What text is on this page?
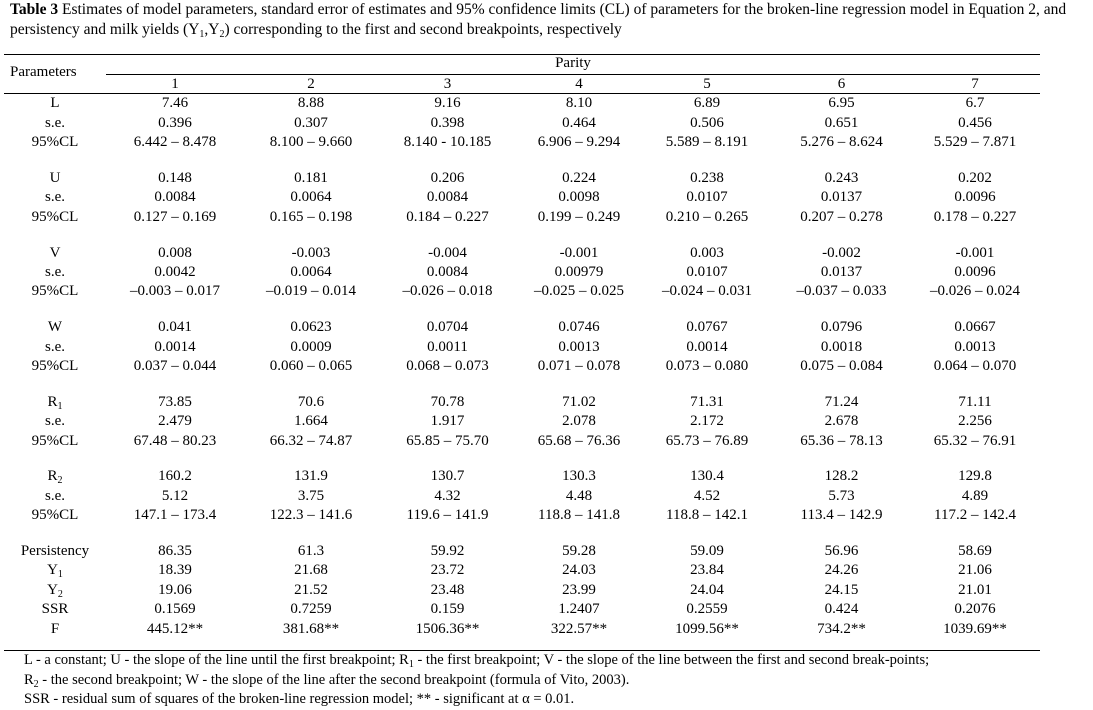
Table 3 Estimates of model parameters, standard error of estimates and 95% confidence limits (CL) of parameters for the broken-line regression model in Equation 2, and persistency and milk yields $(Y_1,Y_2)$ corresponding to the first and second breakpoints, respectively
Parameters
Parity
	1	2	3	4	5	6	7
L	7.46	8.88	9.16	8.10	6.89	6.95	6.7
s.e.	0.396	0.307	0.398	0.464	0.506	0.651	0.456
95%CL	6.442 – 8.478	8.100 – 9.660	8.140 - 10.185	6.906 – 9.294	5.589 – 8.191	5.276 – 8.624	5.529 – 7.871

U	0.148	0.181	0.206	0.224	0.238	0.243	0.202
s.e.	0.0084	0.0064	0.0084	0.0098	0.0107	0.0137	0.0096
95%CL	0.127 – 0.169	0.165 – 0.198	0.184 – 0.227	0.199 – 0.249	0.210 – 0.265	0.207 – 0.278	0.178 – 0.227

V	0.008	-0.003	-0.004	-0.001	0.003	-0.002	-0.001
s.e.	0.0042	0.0064	0.0084	0.00979	0.0107	0.0137	0.0096
95%CL	–0.003 – 0.017	–0.019 – 0.014	–0.026 – 0.018	–0.025 – 0.025	–0.024 – 0.031	–0.037 – 0.033	–0.026 – 0.024

W	0.041	0.0623	0.0704	0.0746	0.0767	0.0796	0.0667
s.e.	0.0014	0.0009	0.0011	0.0013	0.0014	0.0018	0.0013
95%CL	0.037 – 0.044	0.060 – 0.065	0.068 – 0.073	0.071 – 0.078	0.073 – 0.080	0.075 – 0.084	0.064 – 0.070

$R_1$	73.85	70.6	70.78	71.02	71.31	71.24	71.11
s.e.	2.479	1.664	1.917	2.078	2.172	2.678	2.256
95%CL	67.48 – 80.23	66.32 – 74.87	65.85 – 75.70	65.68 – 76.36	65.73 – 76.89	65.36 – 78.13	65.32 – 76.91

$R_2$	160.2	131.9	130.7	130.3	130.4	128.2	129.8
s.e.	5.12	3.75	4.32	4.48	4.52	5.73	4.89
95%CL	147.1 – 173.4	122.3 – 141.6	119.6 – 141.9	118.8 – 141.8	118.8 – 142.1	113.4 – 142.9	117.2 – 142.4

Persistency	86.35	61.3	59.92	59.28	59.09	56.96	58.69
$Y_1$	18.39	21.68	23.72	24.03	23.84	24.26	21.06
$Y_2$	19.06	21.52	23.48	23.99	24.04	24.15	21.01
SSR	0.1569	0.7259	0.159	1.2407	0.2559	0.424	0.2076
F	445.12**	381.68**	1506.36**	322.57**	1099.56**	734.2**	1039.69**
L - a constant; U - the slope of the line until the first breakpoint; $R_1$ - the first breakpoint; V - the slope of the line between the first and second break-points;
$R_2$ - the second breakpoint; W - the slope of the line after the second breakpoint (formula of Vito, 2003).
SSR - residual sum of squares of the broken-line regression model; ** - significant at α = 0.01.
